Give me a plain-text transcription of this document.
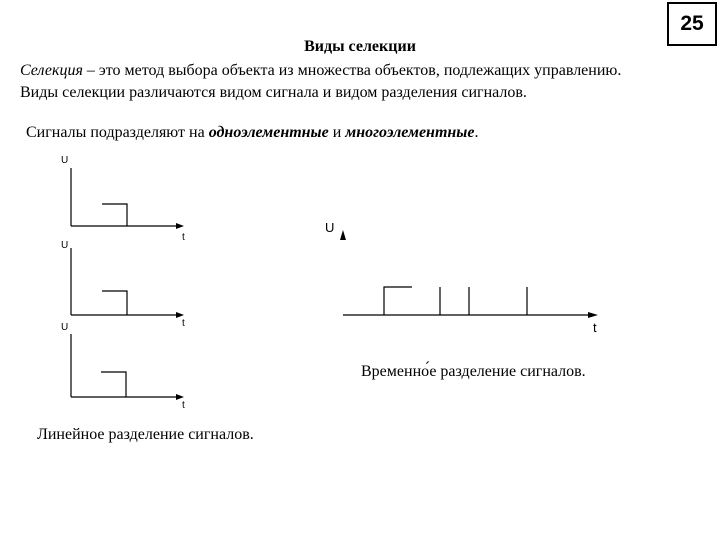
25
Виды селекции
Селекция – это метод выбора объекта из множества объектов, подлежащих управлению.
Виды селекции различаются видом сигнала и видом разделения сигналов.
Сигналы подразделяют на одноэлементные и многоэлементные.
U
t
U
t
U
t
U
t
Временно́е разделение сигналов.
Линейное разделение сигналов.
